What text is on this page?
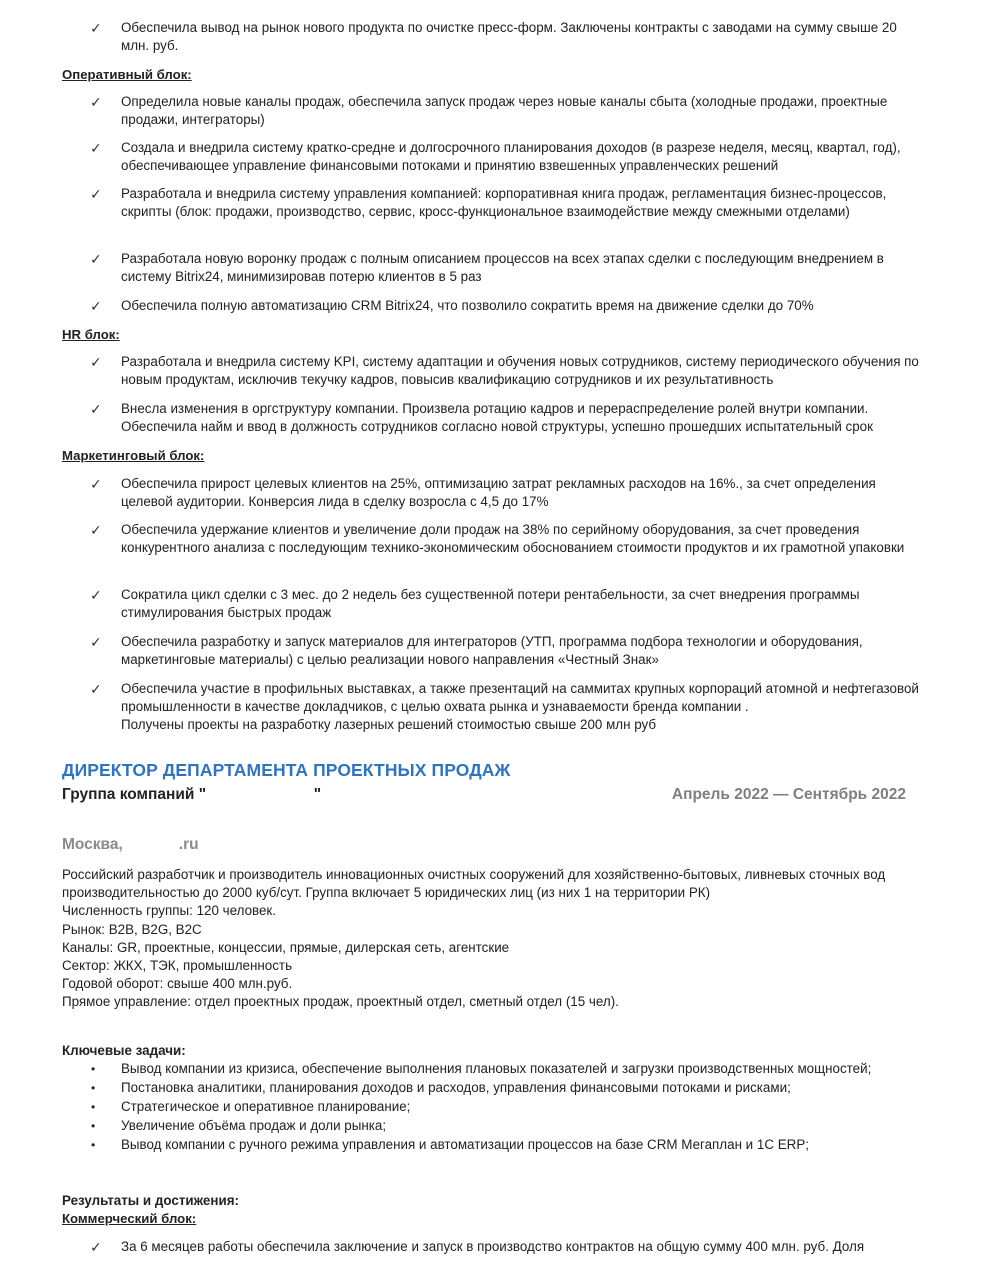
✓	Обеспечила вывод на рынок нового продукта по очистке пресс-форм. Заключены контракты с заводами на сумму свыше 20 млн. руб.
Оперативный блок:
✓	Определила новые каналы продаж, обеспечила запуск продаж через новые каналы сбыта (холодные продажи, проектные продажи, интеграторы)
✓	Создала и внедрила систему кратко-средне и долгосрочного планирования доходов (в разрезе неделя, месяц, квартал, год), обеспечивающее управление финансовыми потоками и принятию взвешенных управленческих решений
✓	Разработала и внедрила систему управления компанией: корпоративная книга продаж, регламентация бизнес-процессов, скрипты (блок: продажи, производство, сервис, кросс-функциональное взаимодействие между смежными отделами)
✓	Разработала новую воронку продаж с полным описанием процессов на всех этапах сделки с последующим внедрением в систему Bitrix24, минимизировав потерю клиентов в 5 раз
✓	Обеспечила полную автоматизацию CRM Bitrix24, что позволило сократить время на движение сделки до 70%
HR блок:
✓	Разработала и внедрила систему KPI, систему адаптации и обучения новых сотрудников, систему периодического обучения по новым продуктам, исключив текучку кадров, повысив квалификацию сотрудников и их результативность
✓	Внесла изменения в оргструктуру компании. Произвела ротацию кадров и перераспределение ролей внутри компании. Обеспечила найм и ввод в должность сотрудников согласно новой структуры, успешно прошедших испытательный срок
Маркетинговый блок:
✓	Обеспечила прирост целевых клиентов на 25%, оптимизацию затрат рекламных расходов на 16%., за счет определения целевой аудитории. Конверсия лида в сделку возросла с 4,5 до 17%
✓	Обеспечила удержание клиентов и увеличение доли продаж на 38% по серийному оборудования, за счет проведения конкурентного анализа с последующим технико-экономическим обоснованием стоимости продуктов и их грамотной упаковки
✓	Сократила цикл сделки с 3 мес. до 2 недель без существенной потери рентабельности, за счет внедрения программы стимулирования быстрых продаж
✓	Обеспечила разработку и запуск материалов для интеграторов (УТП, программа подбора технологии и оборудования, маркетинговые материалы) с целью реализации нового направления «Честный Знак»
✓	Обеспечила участие в профильных выставках, а также презентаций на саммитах крупных корпораций атомной и нефтегазовой промышленности в качестве докладчиков, с целью охвата рынка и узнаваемости бренда компании .
Получены проекты на разработку лазерных решений стоимостью свыше 200 млн руб
ДИРЕКТОР ДЕПАРТАМЕНТА ПРОЕКТНЫХ ПРОДАЖ
Группа компаний "                         "	Апрель 2022 — Сентябрь 2022
Москва,             .ru
Российский разработчик и производитель инновационных очистных сооружений для хозяйственно-бытовых, ливневых сточных вод производительностью до 2000 куб/сут. Группа включает 5 юридических лиц (из них 1 на территории РК)
Численность группы: 120 человек.
Рынок: B2B, B2G, B2C
Каналы: GR, проектные, концессии, прямые, дилерская сеть, агентские
Сектор: ЖКХ, ТЭК, промышленность
Годовой оборот: свыше 400 млн.руб.
Прямое управление: отдел проектных продаж, проектный отдел, сметный отдел (15 чел).
Ключевые задачи:
• Вывод компании из кризиса, обеспечение выполнения плановых показателей и загрузки производственных мощностей;
• Постановка аналитики, планирования доходов и расходов, управления финансовыми потоками и рисками;
• Стратегическое и оперативное планирование;
• Увеличение объёма продаж и доли рынка;
• Вывод компании с ручного режима управления и автоматизации процессов на базе CRM Мегаплан и 1С ERP;
Результаты и достижения:
Коммерческий блок:
✓	За 6 месяцев работы обеспечила заключение и запуск в производство контрактов на общую сумму 400 млн. руб. Доля
